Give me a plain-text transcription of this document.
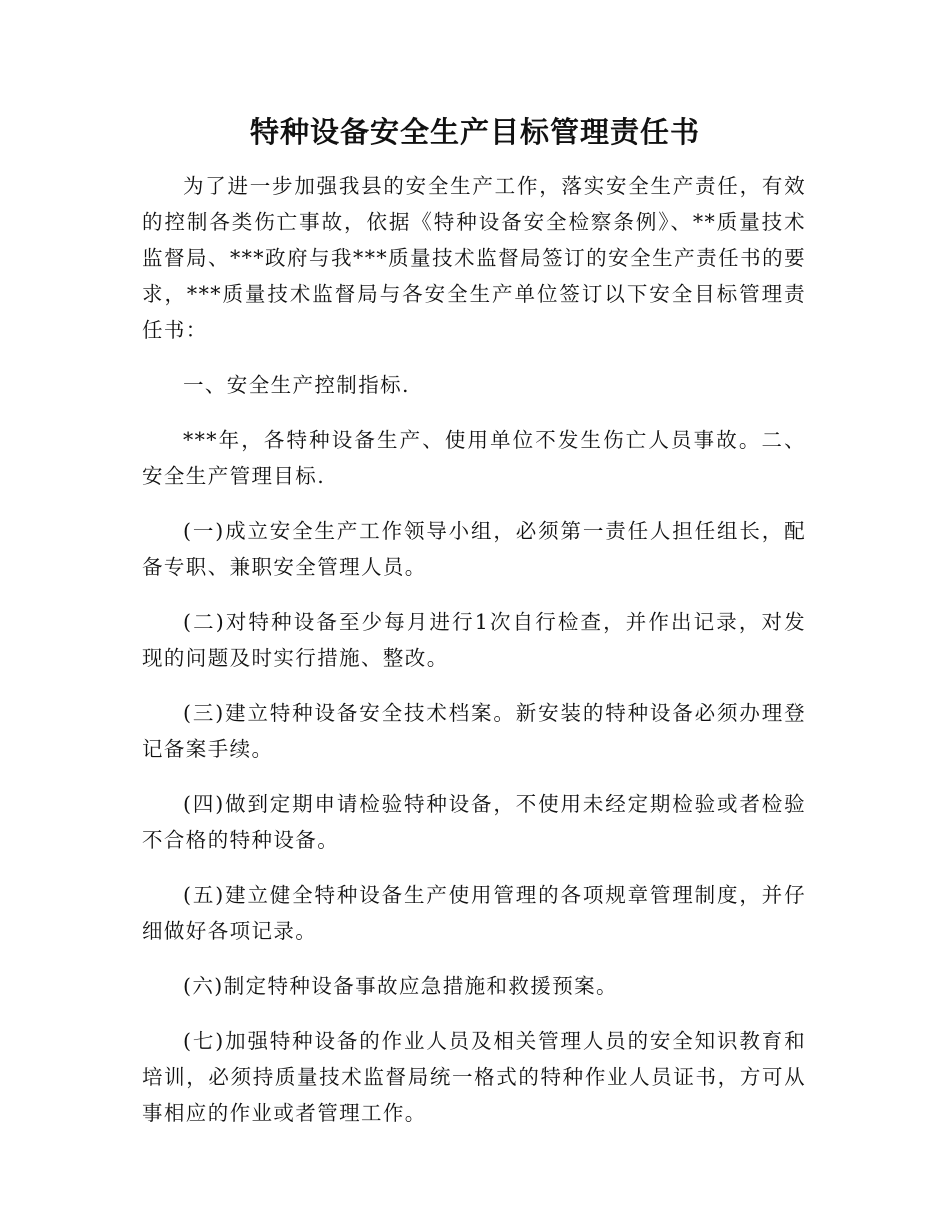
特种设备安全生产目标管理责任书

为了进一步加强我县的安全生产工作，落实安全生产责任，有效的控制各类伤亡事故，依据《特种设备安全检察条例》、**质量技术监督局、***政府与我***质量技术监督局签订的安全生产责任书的要求，***质量技术监督局与各安全生产单位签订以下安全目标管理责任书：

一、安全生产控制指标.

***年，各特种设备生产、使用单位不发生伤亡人员事故。二、安全生产管理目标.

(一)成立安全生产工作领导小组，必须第一责任人担任组长，配备专职、兼职安全管理人员。

(二)对特种设备至少每月进行1次自行检查，并作出记录，对发现的问题及时实行措施、整改。

(三)建立特种设备安全技术档案。新安装的特种设备必须办理登记备案手续。

(四)做到定期申请检验特种设备，不使用未经定期检验或者检验不合格的特种设备。

(五)建立健全特种设备生产使用管理的各项规章管理制度，并仔细做好各项记录。

(六)制定特种设备事故应急措施和救援预案。

(七)加强特种设备的作业人员及相关管理人员的安全知识教育和培训，必须持质量技术监督局统一格式的特种作业人员证书，方可从事相应的作业或者管理工作。
